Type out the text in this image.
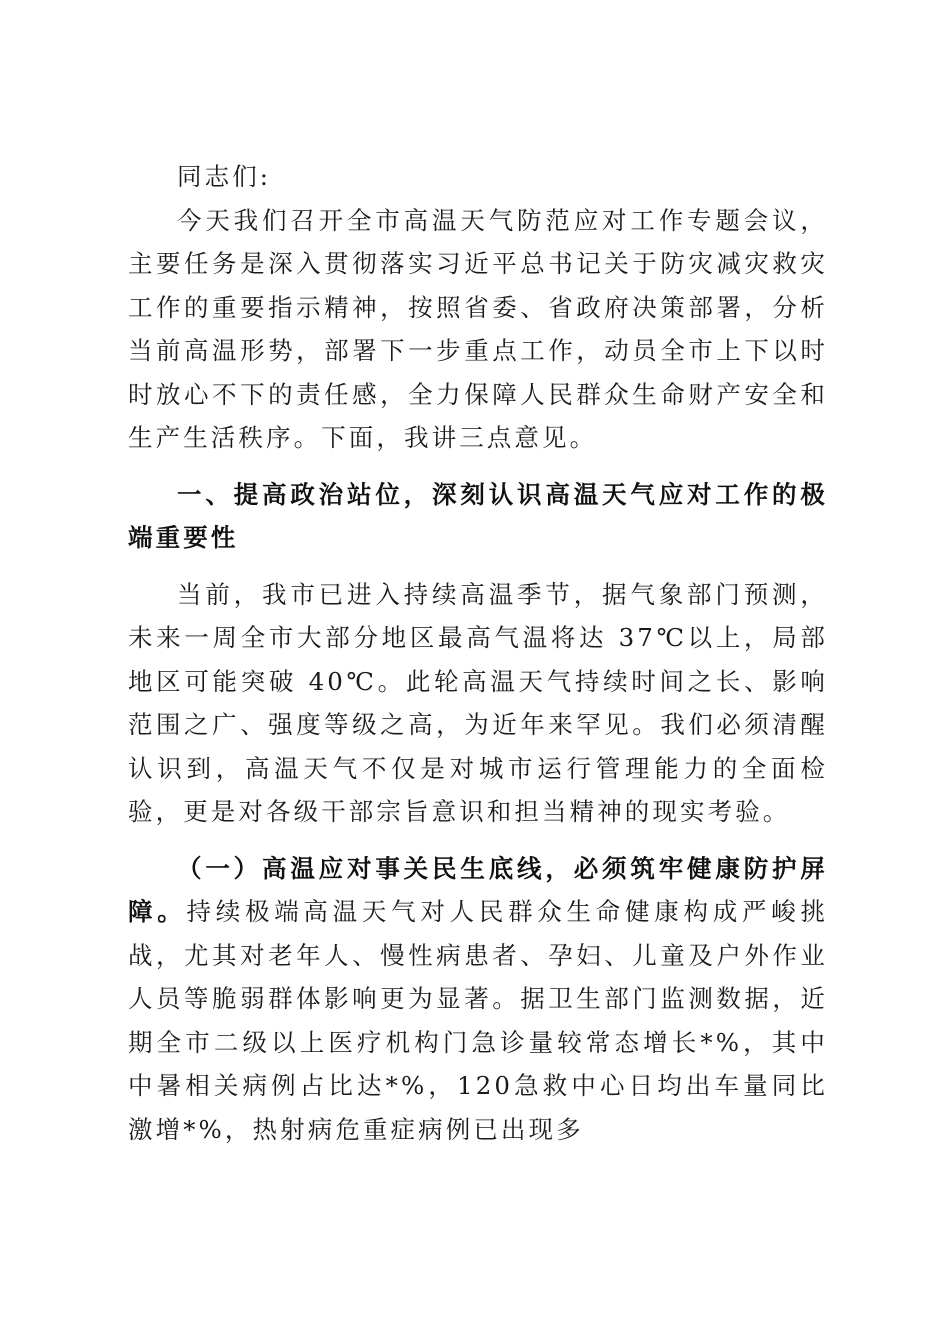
同志们:

今天我们召开全市高温天气防范应对工作专题会议，主要任务是深入贯彻落实习近平总书记关于防灾减灾救灾工作的重要指示精神，按照省委、省政府决策部署，分析当前高温形势，部署下一步重点工作，动员全市上下以时时放心不下的责任感，全力保障人民群众生命财产安全和生产生活秩序。下面，我讲三点意见。

一、提高政治站位，深刻认识高温天气应对工作的极端重要性

当前，我市已进入持续高温季节，据气象部门预测，未来一周全市大部分地区最高气温将达 37℃以上，局部地区可能突破 40℃。此轮高温天气持续时间之长、影响范围之广、强度等级之高，为近年来罕见。我们必须清醒认识到，高温天气不仅是对城市运行管理能力的全面检验，更是对各级干部宗旨意识和担当精神的现实考验。

（一）高温应对事关民生底线，必须筑牢健康防护屏障。持续极端高温天气对人民群众生命健康构成严峻挑战，尤其对老年人、慢性病患者、孕妇、儿童及户外作业人员等脆弱群体影响更为显著。据卫生部门监测数据，近期全市二级以上医疗机构门急诊量较常态增长*%，其中中暑相关病例占比达*%，120急救中心日均出车量同比激增*%，热射病危重症病例已出现多
